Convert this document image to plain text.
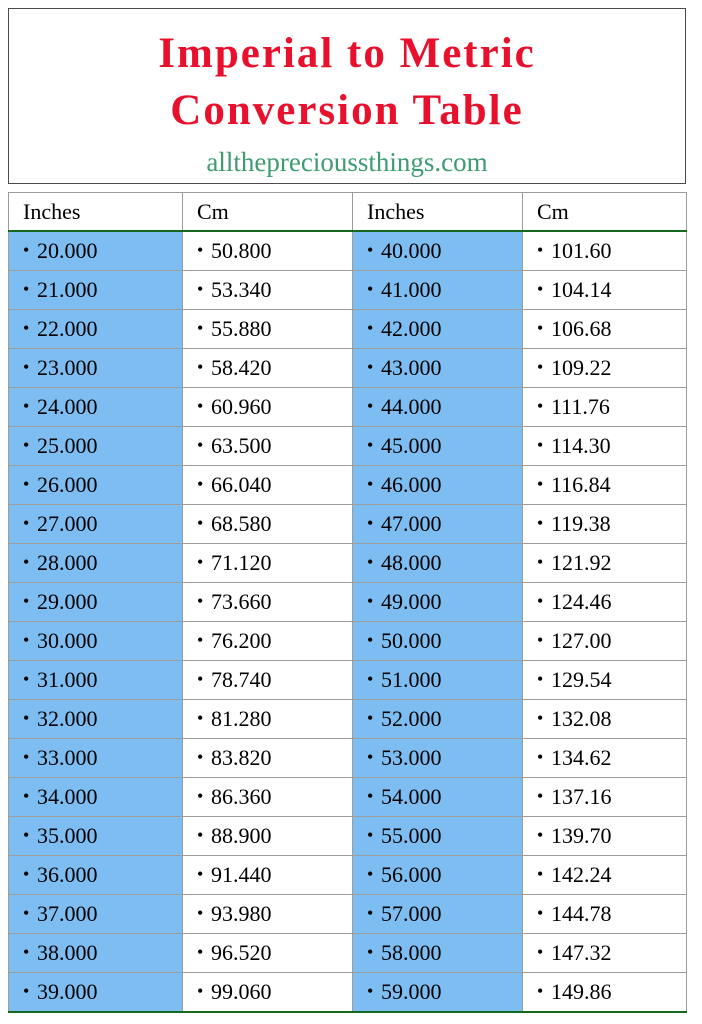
Imperial to Metric
Conversion Table
alltheprecioussthings.com
Inches	Cm	Inches	Cm
• 20.000	• 50.800	• 40.000	• 101.60
• 21.000	• 53.340	• 41.000	• 104.14
• 22.000	• 55.880	• 42.000	• 106.68
• 23.000	• 58.420	• 43.000	• 109.22
• 24.000	• 60.960	• 44.000	• 111.76
• 25.000	• 63.500	• 45.000	• 114.30
• 26.000	• 66.040	• 46.000	• 116.84
• 27.000	• 68.580	• 47.000	• 119.38
• 28.000	• 71.120	• 48.000	• 121.92
• 29.000	• 73.660	• 49.000	• 124.46
• 30.000	• 76.200	• 50.000	• 127.00
• 31.000	• 78.740	• 51.000	• 129.54
• 32.000	• 81.280	• 52.000	• 132.08
• 33.000	• 83.820	• 53.000	• 134.62
• 34.000	• 86.360	• 54.000	• 137.16
• 35.000	• 88.900	• 55.000	• 139.70
• 36.000	• 91.440	• 56.000	• 142.24
• 37.000	• 93.980	• 57.000	• 144.78
• 38.000	• 96.520	• 58.000	• 147.32
• 39.000	• 99.060	• 59.000	• 149.86
